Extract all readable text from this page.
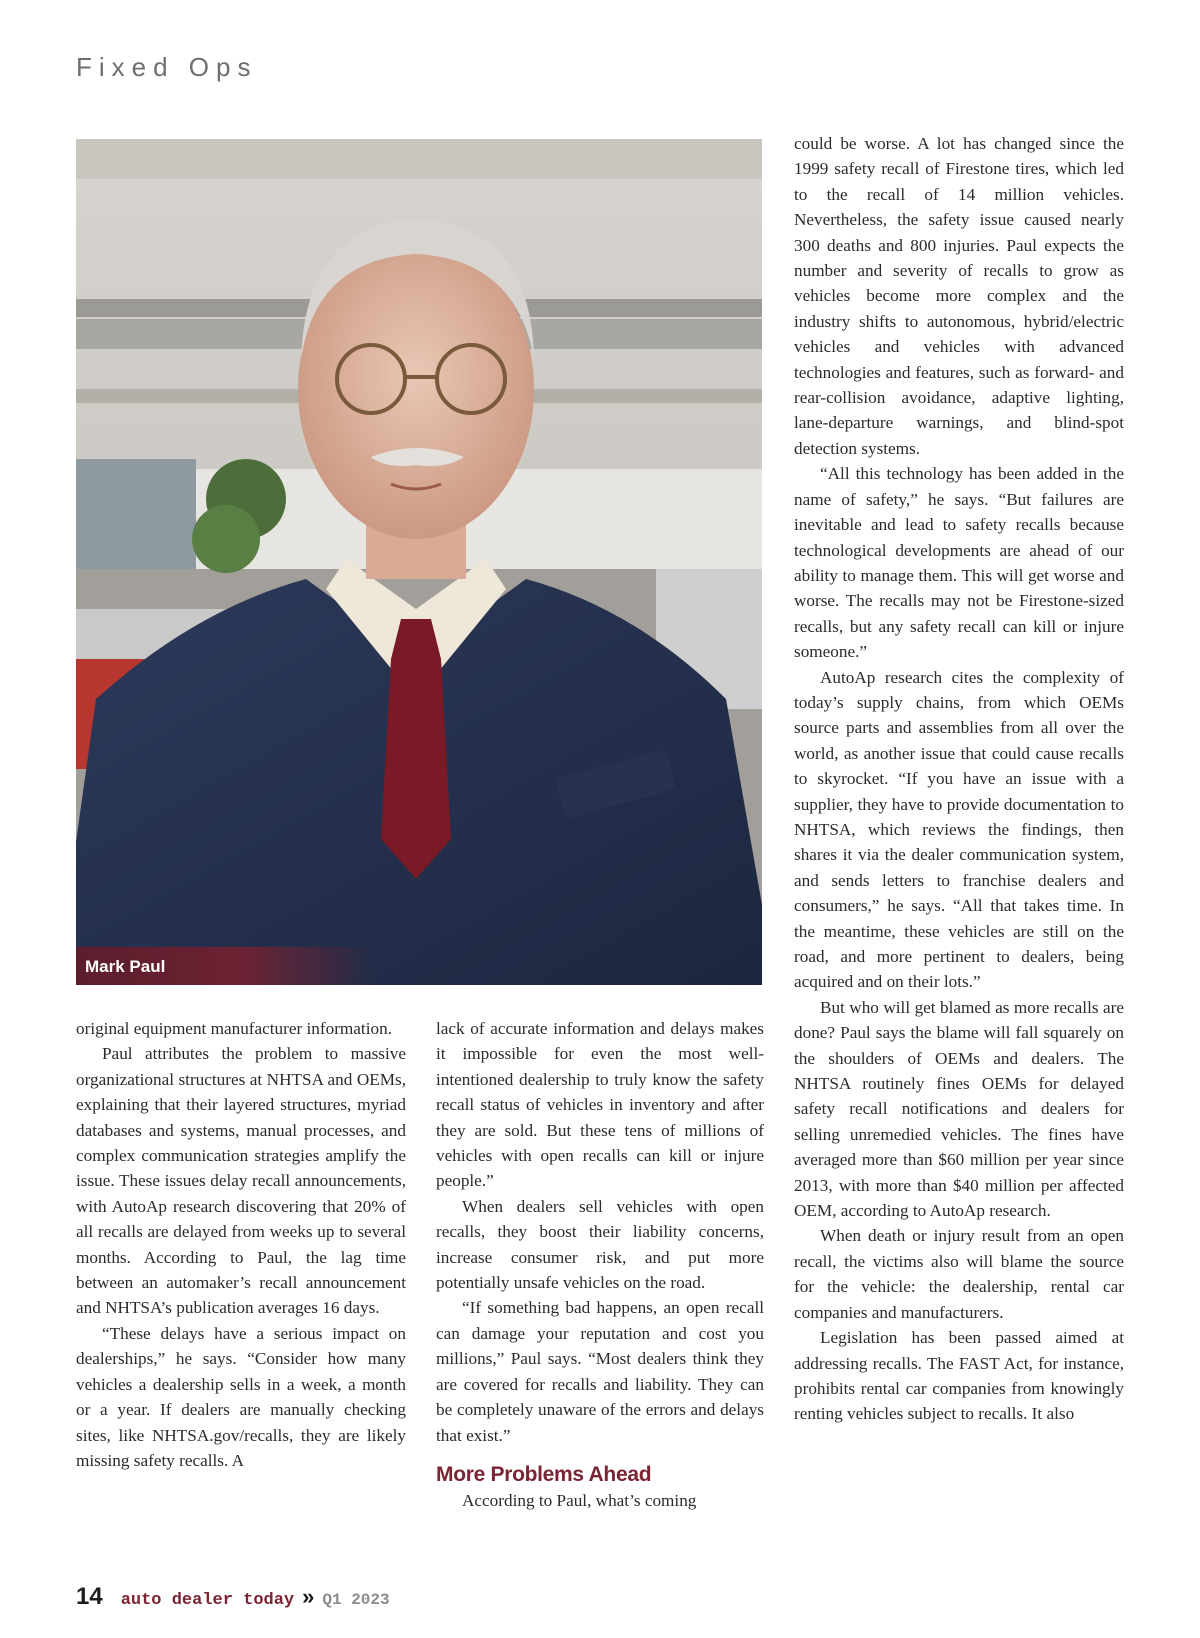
Fixed Ops
Mark Paul

original equipment manufacturer information.

Paul attributes the problem to massive organizational structures at NHTSA and OEMs, explaining that their layered structures, myriad databases and systems, manual processes, and complex communication strategies amplify the issue. These issues delay recall announcements, with AutoAp research discovering that 20% of all recalls are delayed from weeks up to several months. According to Paul, the lag time between an automaker’s recall announcement and NHTSA’s publication averages 16 days.

“These delays have a serious impact on dealerships,” he says. “Consider how many vehicles a dealership sells in a week, a month or a year. If dealers are manually checking sites, like NHTSA.gov/recalls, they are likely missing safety recalls. A

lack of accurate information and delays makes it impossible for even the most well-intentioned dealership to truly know the safety recall status of vehicles in inventory and after they are sold. But these tens of millions of vehicles with open recalls can kill or injure people.”

When dealers sell vehicles with open recalls, they boost their liability concerns, increase consumer risk, and put more potentially unsafe vehicles on the road.

“If something bad happens, an open recall can damage your reputation and cost you millions,” Paul says. “Most dealers think they are covered for recalls and liability. They can be completely unaware of the errors and delays that exist.”

More Problems Ahead

According to Paul, what’s coming

could be worse. A lot has changed since the 1999 safety recall of Firestone tires, which led to the recall of 14 million vehicles. Nevertheless, the safety issue caused nearly 300 deaths and 800 injuries. Paul expects the number and severity of recalls to grow as vehicles become more complex and the industry shifts to autonomous, hybrid/electric vehicles and vehicles with advanced technologies and features, such as forward- and rear-collision avoidance, adaptive lighting, lane-departure warnings, and blind-spot detection systems.

“All this technology has been added in the name of safety,” he says. “But failures are inevitable and lead to safety recalls because technological developments are ahead of our ability to manage them. This will get worse and worse. The recalls may not be Firestone-sized recalls, but any safety recall can kill or injure someone.”

AutoAp research cites the complexity of today’s supply chains, from which OEMs source parts and assemblies from all over the world, as another issue that could cause recalls to skyrocket. “If you have an issue with a supplier, they have to provide documentation to NHTSA, which reviews the findings, then shares it via the dealer communication system, and sends letters to franchise dealers and consumers,” he says. “All that takes time. In the meantime, these vehicles are still on the road, and more pertinent to dealers, being acquired and on their lots.”

But who will get blamed as more recalls are done? Paul says the blame will fall squarely on the shoulders of OEMs and dealers. The NHTSA routinely fines OEMs for delayed safety recall notifications and dealers for selling unremedied vehicles. The fines have averaged more than $60 million per year since 2013, with more than $40 million per affected OEM, according to AutoAp research.

When death or injury result from an open recall, the victims also will blame the source for the vehicle: the dealership, rental car companies and manufacturers.

Legislation has been passed aimed at addressing recalls. The FAST Act, for instance, prohibits rental car companies from knowingly renting vehicles subject to recalls. It also

14 auto dealer today » Q1 2023
